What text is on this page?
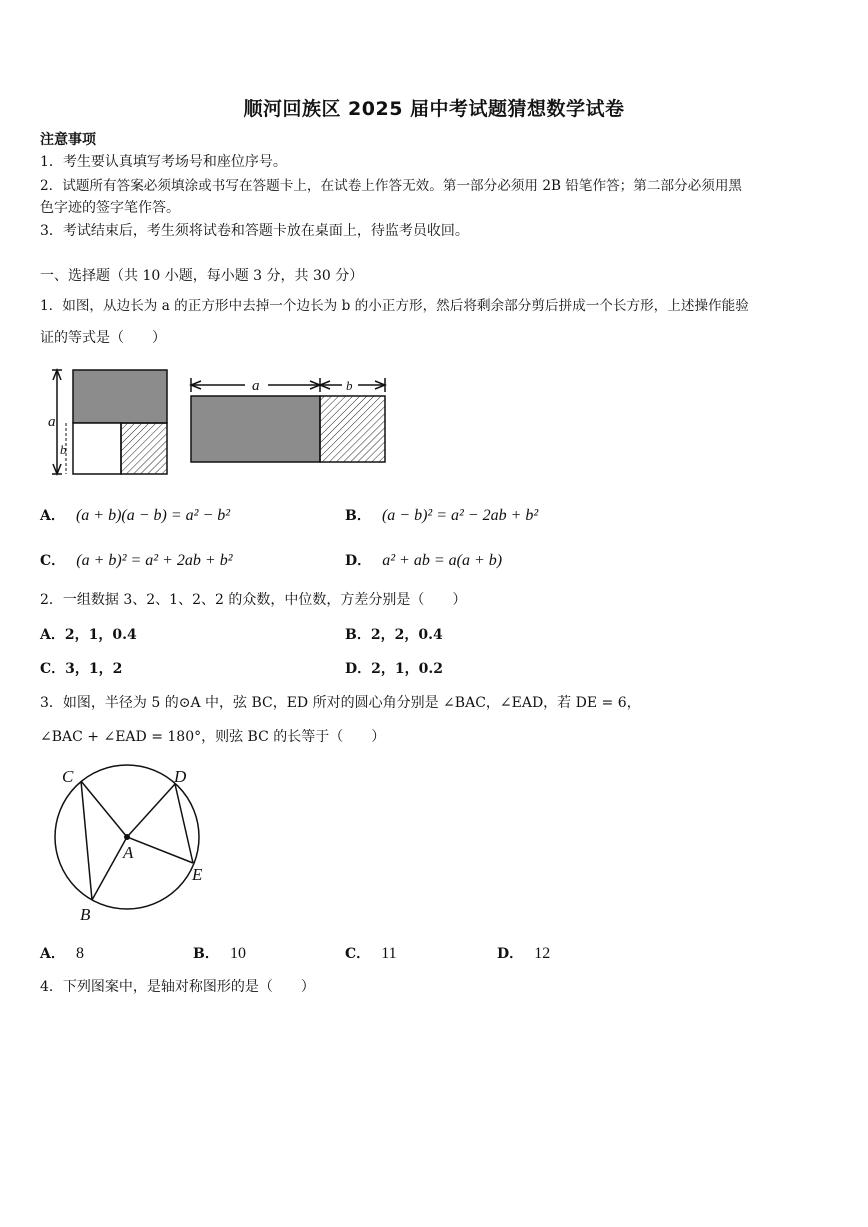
顺河回族区 2025 届中考试题猜想数学试卷
注意事项
1．考生要认真填写考场号和座位序号。
2．试题所有答案必须填涂或书写在答题卡上，在试卷上作答无效。第一部分必须用 2B 铅笔作答；第二部分必须用黑
色字迹的签字笔作答。
3．考试结束后，考生须将试卷和答题卡放在桌面上，待监考员收回。
一、选择题（共 10 小题，每小题 3 分，共 30 分）
1．如图，从边长为 a 的正方形中去掉一个边长为 b 的小正方形，然后将剩余部分剪后拼成一个长方形，上述操作能验
证的等式是（　　）
a
b
a	b
A． (a + b)(a − b) = a² − b²	B． (a − b)² = a² − 2ab + b²
C． (a + b)² = a² + 2ab + b²	D． a² + ab = a(a + b)
2．一组数据 3、2、1、2、2 的众数，中位数，方差分别是（　　）
A．2，1，0.4	B．2，2，0.4
C．3，1，2	D．2，1，0.2
3．如图，半径为 5 的⊙A 中，弦 BC，ED 所对的圆心角分别是 ∠BAC，∠EAD，若 DE = 6，
∠BAC + ∠EAD = 180°，则弦 BC 的长等于（　　）
C	D
A
E
B
A． 8	B． 10	C． 11	D． 12
4．下列图案中，是轴对称图形的是（　　）
